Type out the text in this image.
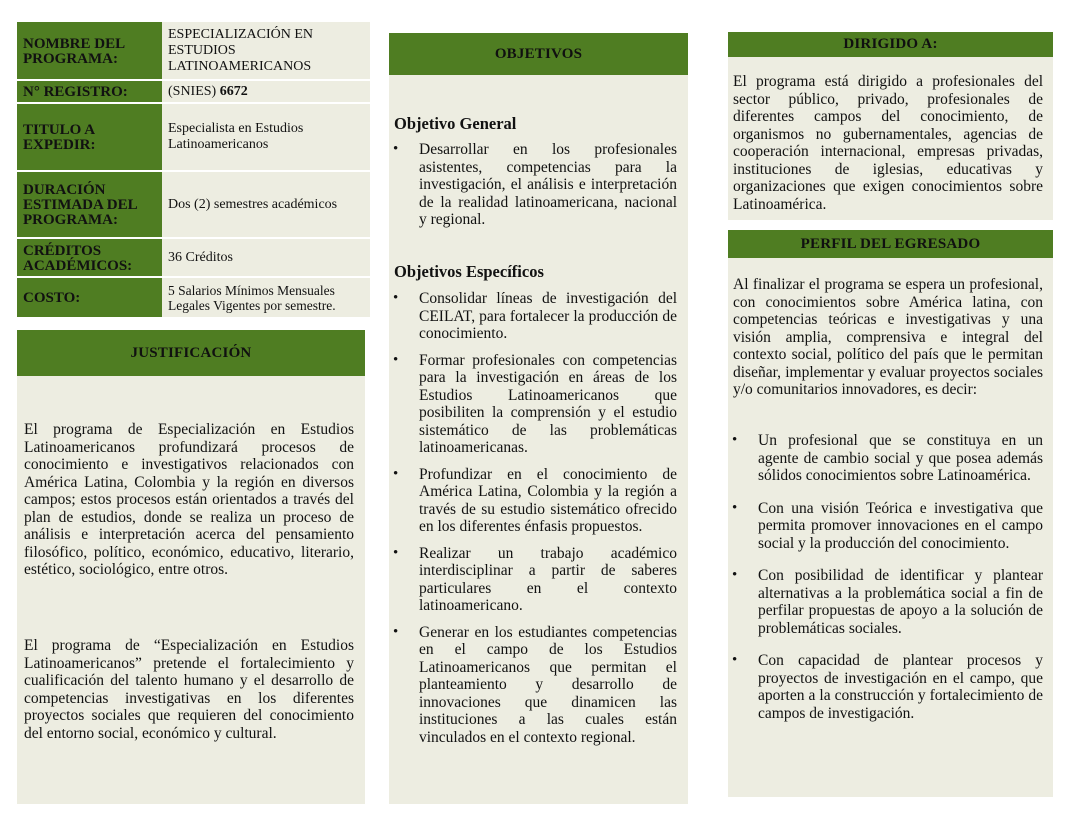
NOMBRE DEL PROGRAMA:
ESPECIALIZACIÓN EN ESTUDIOS LATINOAMERICANOS
N° REGISTRO:	(SNIES) 6672
TITULO A EXPEDIR:
Especialista en Estudios Latinoamericanos
DURACIÓN ESTIMADA DEL PROGRAMA:
Dos (2) semestres académicos
CRÉDITOS ACADÉMICOS:
36 Créditos
COSTO:	5 Salarios Mínimos Mensuales Legales Vigentes por semestre.
JUSTIFICACIÓN
El programa de Especialización en Estudios Latinoamericanos profundizará procesos de conocimiento e investigativos relacionados con América Latina, Colombia y la región en diversos campos; estos procesos están orientados a través del plan de estudios, donde se realiza un proceso de análisis e interpretación acerca del pensamiento filosófico, político, económico, educativo, literario, estético, sociológico, entre otros.
El programa de “Especialización en Estudios Latinoamericanos” pretende el fortalecimiento y cualificación del talento humano y el desarrollo de competencias investigativas en los diferentes proyectos sociales que requieren del conocimiento del entorno social, económico y cultural.
OBJETIVOS
Objetivo General
• Desarrollar en los profesionales asistentes, competencias para la investigación, el análisis e interpretación de la realidad latinoamericana, nacional y regional.
Objetivos Específicos
• Consolidar líneas de investigación del CEILAT, para fortalecer la producción de conocimiento.
• Formar profesionales con competencias para la investigación en áreas de los Estudios Latinoamericanos que posibiliten la comprensión y el estudio sistemático de las problemáticas latinoamericanas.
• Profundizar en el conocimiento de América Latina, Colombia y la región a través de su estudio sistemático ofrecido en los diferentes énfasis propuestos.
• Realizar un trabajo académico interdisciplinar a partir de saberes particulares en el contexto latinoamericano.
• Generar en los estudiantes competencias en el campo de los Estudios Latinoamericanos que permitan el planteamiento y desarrollo de innovaciones que dinamicen las instituciones a las cuales están vinculados en el contexto regional.
DIRIGIDO A:
El programa está dirigido a profesionales del sector público, privado, profesionales de diferentes campos del conocimiento, de organismos no gubernamentales, agencias de cooperación internacional, empresas privadas, instituciones de iglesias, educativas y organizaciones que exigen conocimientos sobre Latinoamérica.
PERFIL DEL EGRESADO
Al finalizar el programa se espera un profesional, con conocimientos sobre América latina, con competencias teóricas e investigativas y una visión amplia, comprensiva e integral del contexto social, político del país que le permitan diseñar, implementar y evaluar proyectos sociales y/o comunitarios innovadores, es decir:
• Un profesional que se constituya en un agente de cambio social y que posea además sólidos conocimientos sobre Latinoamérica.
• Con una visión Teórica e investigativa que permita promover innovaciones en el campo social y la producción del conocimiento.
• Con posibilidad de identificar y plantear alternativas a la problemática social a fin de perfilar propuestas de apoyo a la solución de problemáticas sociales.
• Con capacidad de plantear procesos y proyectos de investigación en el campo, que aporten a la construcción y fortalecimiento de campos de investigación.
